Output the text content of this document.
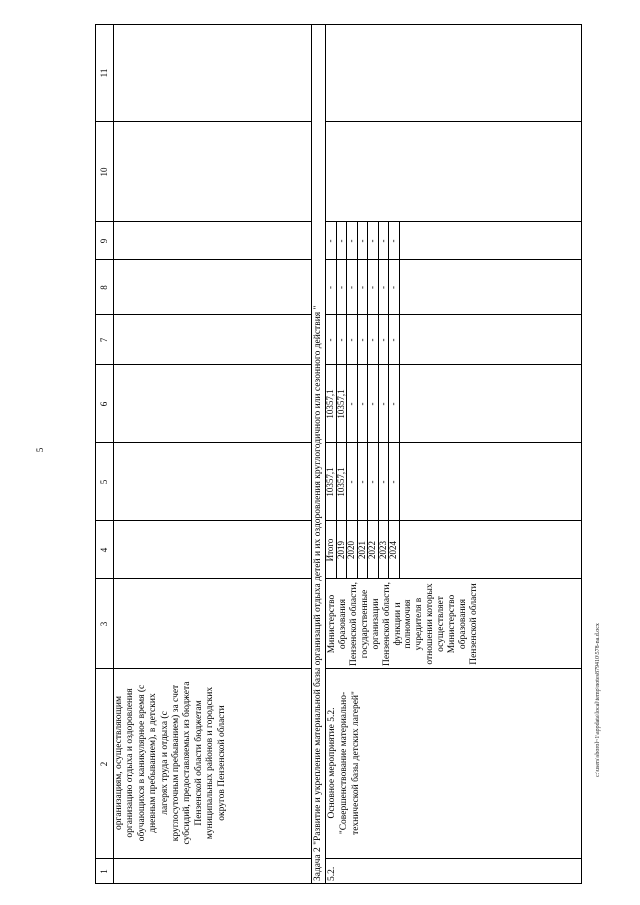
5
c:\users\sborol~1\appdata\local\temp\notes879410\578-na.d.ocx
1
2
3
4
5
6
7
8
9
10
11
организациям, осуществляющим организацию отдыха и оздоровления обучающихся в каникулярное время (с дневным пребыванием), в детских лагерях труда и отдыха (с круглосуточным пребыванием) за счет субсидий, предоставляемых из бюджета Пензенской области бюджетам муниципальных районов и городских округов Пензенской области	Задача 2 "Развитие и укрепление материальной базы организаций отдыха детей и их оздоровления круглогодичного или сезонного действия " 5.2.
Основное мероприятие 5.2. "Совершенствование материально-технической базы детских лагерей"
Министерство образования Пензенской области, государственные организации Пензенской области, функции и полномочия учредителя в отношении которых осуществляет Министерство образования Пензенской области
Итого
10357,1
10357,1
-
-
-
2019
10357,1
10357,1
-
-
-
2020
-
-
-
-
-
2021
-
-
-
-
-
2022
-
-
-
-
-
2023
-
-
-
-
-
2024
-
-
-
-
-
